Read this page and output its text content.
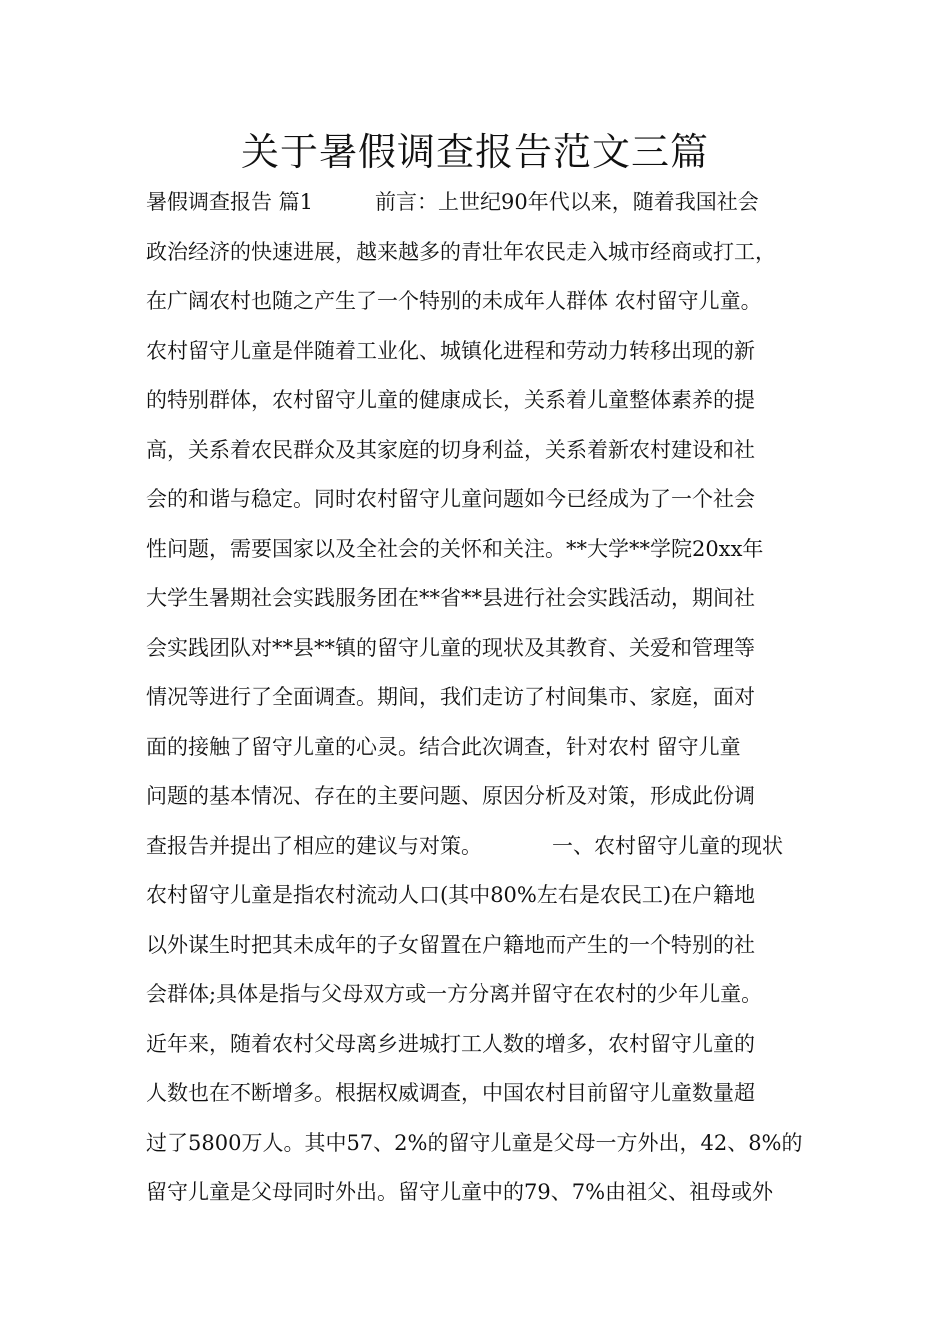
关于暑假调查报告范文三篇
暑假调查报告 篇1	前言：上世纪90年代以来，随着我国社会
政治经济的快速进展，越来越多的青壮年农民走入城市经商或打工，
在广阔农村也随之产生了一个特别的未成年人群体 农村留守儿童。
农村留守儿童是伴随着工业化、城镇化进程和劳动力转移出现的新
的特别群体，农村留守儿童的健康成长，关系着儿童整体素养的提
高，关系着农民群众及其家庭的切身利益，关系着新农村建设和社
会的和谐与稳定。同时农村留守儿童问题如今已经成为了一个社会
性问题，需要国家以及全社会的关怀和关注。**大学**学院20xx年
大学生暑期社会实践服务团在**省**县进行社会实践活动，期间社
会实践团队对**县**镇的留守儿童的现状及其教育、关爱和管理等
情况等进行了全面调查。期间，我们走访了村间集市、家庭，面对
面的接触了留守儿童的心灵。结合此次调查，针对农村 留守儿童
问题的基本情况、存在的主要问题、原因分析及对策，形成此份调
查报告并提出了相应的建议与对策。	一、农村留守儿童的现状
农村留守儿童是指农村流动人口(其中80%左右是农民工)在户籍地
以外谋生时把其未成年的子女留置在户籍地而产生的一个特别的社
会群体;具体是指与父母双方或一方分离并留守在农村的少年儿童。
近年来，随着农村父母离乡进城打工人数的增多，农村留守儿童的
人数也在不断增多。根据权威调查，中国农村目前留守儿童数量超
过了5800万人。其中57、2%的留守儿童是父母一方外出，42、8%的
留守儿童是父母同时外出。留守儿童中的79、7%由祖父、祖母或外
